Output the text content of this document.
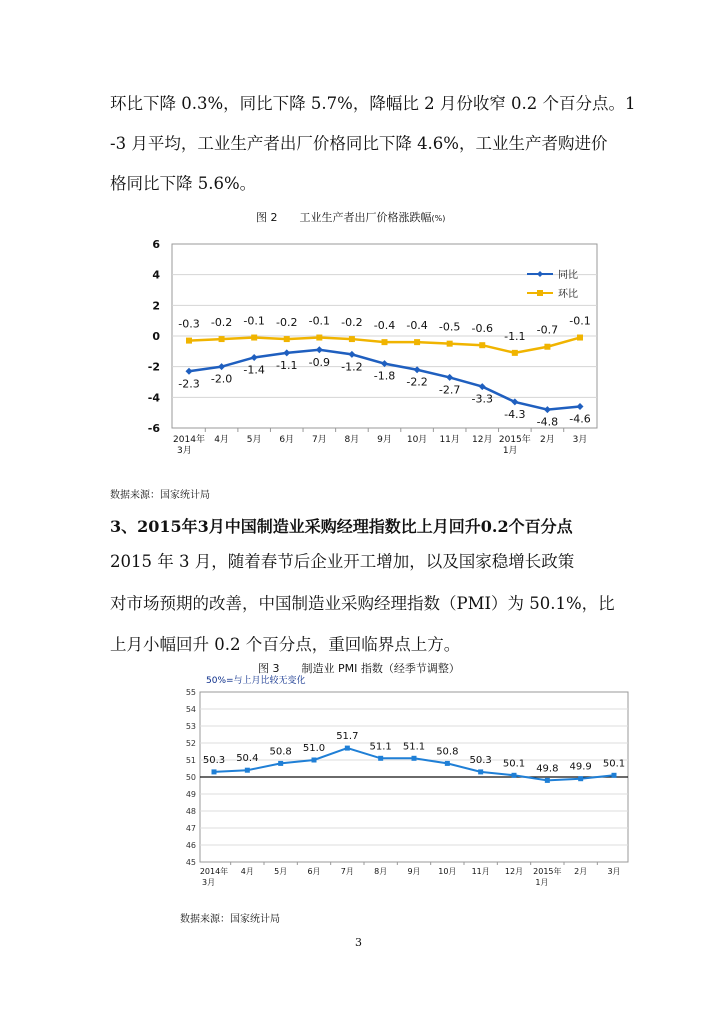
环比下降 0.3%，同比下降 5.7%，降幅比 2 月份收窄 0.2 个百分点。1

-3 月平均，工业生产者出厂价格同比下降 4.6%，工业生产者购进价

格同比下降 5.6%。

图 2　　工业生产者出厂价格涨跌幅(%)
6
4
2
0
-2
-4
-6
2014年
3月
4月 5月 6月 7月 8月 9月 10月 11月 12月 2015年
1月
2月 3月
-2.3 -2.0
-1.4 -1.1 -0.9 -1.2
-1.8 -2.2
-2.7
-3.3
-4.3
-4.8 -4.6
-0.3 -0.2 -0.1 -0.2 -0.1 -0.2 -0.4 -0.4 -0.5 -0.6
-1.1 -0.7
-0.1
同比
环比
数据来源：国家统计局
3、2015年3月中国制造业采购经理指数比上月回升0.2个百分点

2015 年 3 月，随着春节后企业开工增加，以及国家稳增长政策

对市场预期的改善，中国制造业采购经理指数（PMI）为 50.1%，比

上月小幅回升 0.2 个百分点，重回临界点上方。

图 3　　制造业 PMI 指数（经季节调整）
50%=与上月比较无变化
55
54
53
52
51
50
49
48
47
46
45
2014年
3月
4月	5月	6月	7月	8月	9月 10月 11月 12月 2015年
1月
2月	3月
50.3 50.4
50.8 51.0
51.7
51.1 51.1 50.8
50.3 50.1 49.8 49.9 50.1
数据来源：国家统计局
3
